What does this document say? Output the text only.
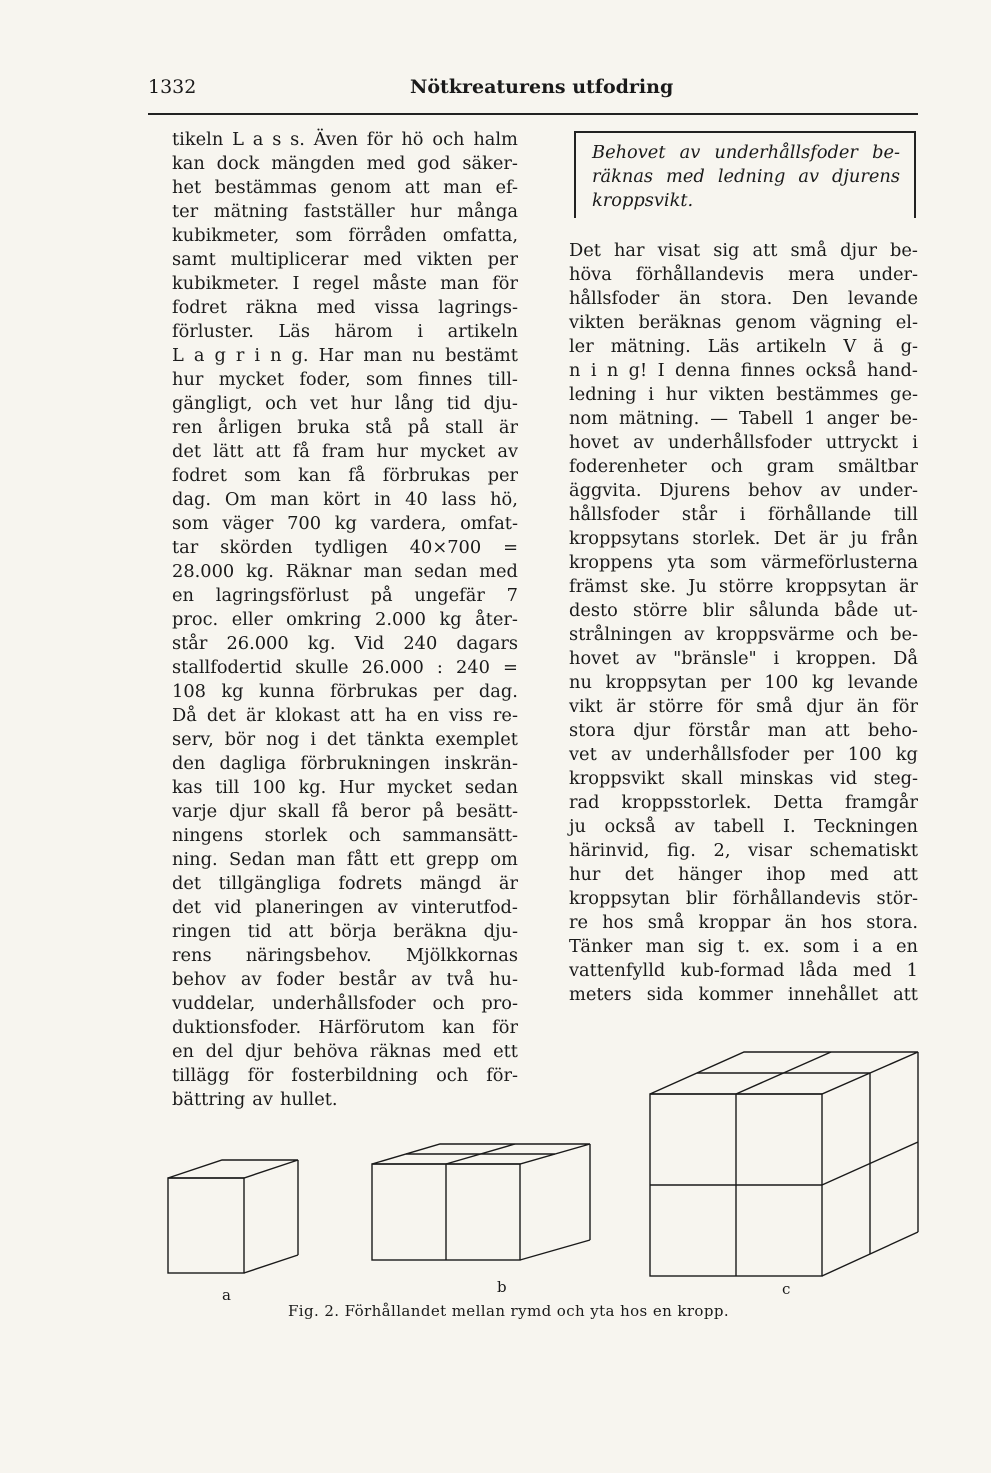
1332	Nötkreaturens utfodring
tikeln L a s s. Även för hö och halm
kan dock mängden med god säker-
het bestämmas genom att man ef-
ter mätning fastställer hur många
kubikmeter, som förråden omfatta,
samt multiplicerar med vikten per
kubikmeter. I regel måste man för
fodret räkna med vissa lagrings-
förluster. Läs härom i artikeln
L a g r i n g. Har man nu bestämt
hur mycket foder, som finnes till-
gängligt, och vet hur lång tid dju-
ren årligen bruka stå på stall är
det lätt att få fram hur mycket av
fodret som kan få förbrukas per
dag. Om man kört in 40 lass hö,
som väger 700 kg vardera, omfat-
tar skörden tydligen 40×700 =
28.000 kg. Räknar man sedan med
en lagringsförlust på ungefär 7
proc. eller omkring 2.000 kg åter-
står 26.000 kg. Vid 240 dagars
stallfodertid skulle 26.000 : 240 =
108 kg kunna förbrukas per dag.
Då det är klokast att ha en viss re-
serv, bör nog i det tänkta exemplet
den dagliga förbrukningen inskrän-
kas till 100 kg. Hur mycket sedan
varje djur skall få beror på besätt-
ningens storlek och sammansätt-
ning. Sedan man fått ett grepp om
det tillgängliga fodrets mängd är
det vid planeringen av vinterutfod-
ringen tid att börja beräkna dju-
rens näringsbehov. Mjölkkornas
behov av foder består av två hu-
vuddelar, underhållsfoder och pro-
duktionsfoder. Härförutom kan för
en del djur behöva räknas med ett
tillägg för fosterbildning och för-
bättring av hullet.
Behovet av underhållsfoder be-
räknas med ledning av djurens
kroppsvikt.
Det har visat sig att små djur be-
höva förhållandevis mera under-
hållsfoder än stora. Den levande
vikten beräknas genom vägning el-
ler mätning. Läs artikeln V ä g-
n i n g! I denna finnes också hand-
ledning i hur vikten bestämmes ge-
nom mätning. — Tabell 1 anger be-
hovet av underhållsfoder uttryckt i
foderenheter och gram smältbar
äggvita. Djurens behov av under-
hållsfoder står i förhållande till
kroppsytans storlek. Det är ju från
kroppens yta som värmeförlusterna
främst ske. Ju större kroppsytan är
desto större blir sålunda både ut-
strålningen av kroppsvärme och be-
hovet av "bränsle" i kroppen. Då
nu kroppsytan per 100 kg levande
vikt är större för små djur än för
stora djur förstår man att beho-
vet av underhållsfoder per 100 kg
kroppsvikt skall minskas vid steg-
rad kroppsstorlek. Detta framgår
ju också av tabell I. Teckningen
härinvid, fig. 2, visar schematiskt
hur det hänger ihop med att
kroppsytan blir förhållandevis stör-
re hos små kroppar än hos stora.
Tänker man sig t. ex. som i a en
vattenfylld kub-formad låda med 1
meters sida kommer innehållet att
a	b	c
Fig. 2. Förhållandet mellan rymd och yta hos en kropp.
